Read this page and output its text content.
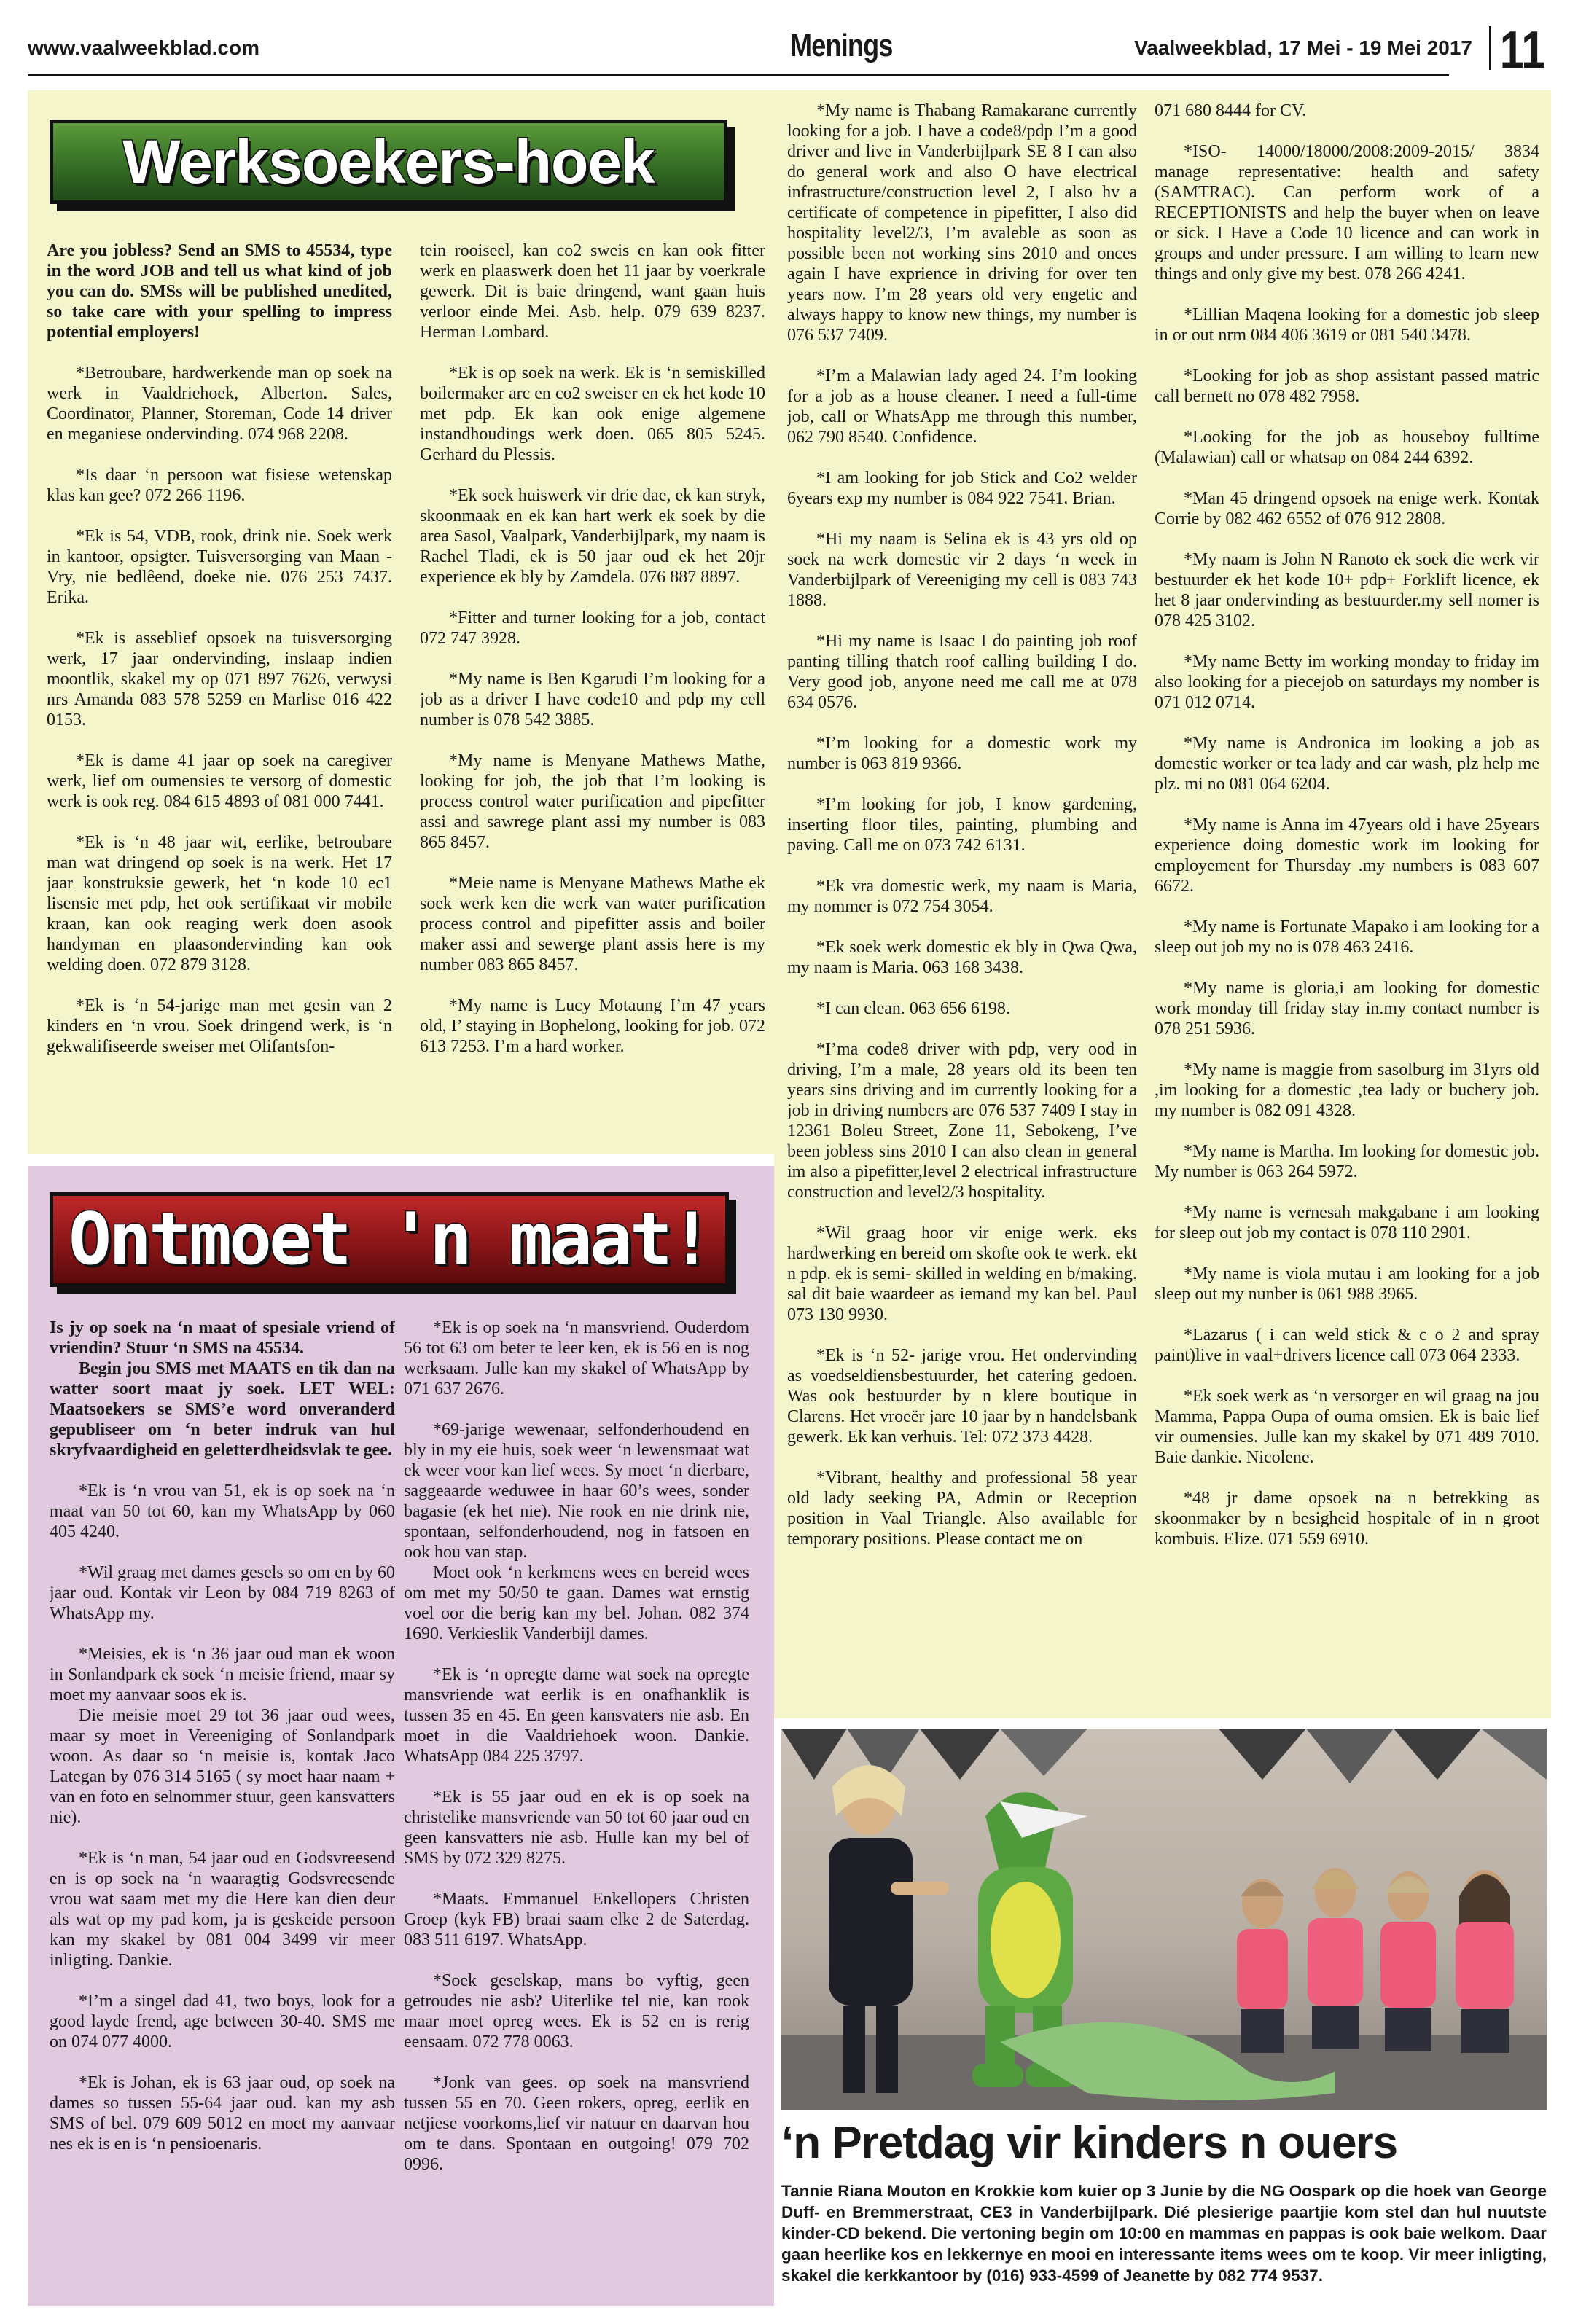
www.vaalweekblad.com	Menings	Vaalweekblad, 17 Mei - 19 Mei 2017 11
Werksoekers-hoek

Are you jobless? Send an SMS to 45534, type in the word JOB and tell us what kind of job you can do. SMSs will be published unedited, so take care with your spelling to impress potential employers!

*Betroubare, hardwerkende man op soek na werk in Vaaldriehoek, Alberton. Sales, Coordinator, Planner, Storeman, Code 14 driver en meganiese ondervinding. 074 968 2208.

*Is daar ‘n persoon wat fisiese wetenskap klas kan gee? 072 266 1196.

*Ek is 54, VDB, rook, drink nie. Soek werk in kantoor, opsigter. Tuisversorging van Maan - Vry, nie bedlêend, doeke nie. 076 253 7437. Erika.

*Ek is asseblief opsoek na tuisversorging werk, 17 jaar ondervinding, inslaap indien moontlik, skakel my op 071 897 7626, verwysi nrs Amanda 083 578 5259 en Marlise 016 422 0153.

*Ek is dame 41 jaar op soek na caregiver werk, lief om oumensies te versorg of domestic werk is ook reg. 084 615 4893 of 081 000 7441.

*Ek is ‘n 48 jaar wit, eerlike, betroubare man wat dringend op soek is na werk. Het 17 jaar konstruksie gewerk, het ‘n kode 10 ec1 lisensie met pdp, het ook sertifikaat vir mobile kraan, kan ook reaging werk doen asook handyman en plaasondervinding kan ook welding doen. 072 879 3128.

*Ek is ‘n 54-jarige man met gesin van 2 kinders en ‘n vrou. Soek dringend werk, is ‘n gekwalifiseerde sweiser met Olifantsfon-

tein rooiseel, kan co2 sweis en kan ook fitter werk en plaaswerk doen het 11 jaar by voerkrale gewerk. Dit is baie dringend, want gaan huis verloor einde Mei. Asb. help. 079 639 8237. Herman Lombard.

*Ek is op soek na werk. Ek is ‘n semiskilled boilermaker arc en co2 sweiser en ek het kode 10 met pdp. Ek kan ook enige algemene instandhoudings werk doen. 065 805 5245. Gerhard du Plessis.

*Ek soek huiswerk vir drie dae, ek kan stryk, skoonmaak en ek kan hart werk ek soek by die area Sasol, Vaalpark, Vanderbijlpark, my naam is Rachel Tladi, ek is 50 jaar oud ek het 20jr experience ek bly by Zamdela. 076 887 8897.

*Fitter and turner looking for a job, contact 072 747 3928.

*My name is Ben Kgarudi I’m looking for a job as a driver I have code10 and pdp my cell number is 078 542 3885.

*My name is Menyane Mathews Mathe, looking for job, the job that I’m looking is process control water purification and pipefitter assi and sawrege plant assi my number is 083 865 8457.

*Meie name is Menyane Mathews Mathe ek soek werk ken die werk van water purification process control and pipefitter assis and boiler maker assi and sewerge plant assis here is my number 083 865 8457.

*My name is Lucy Motaung I’m 47 years old, I’ staying in Bophelong, looking for job. 072 613 7253. I’m a hard worker.

*My name is Thabang Ramakarane currently looking for a job. I have a code8/pdp I’m a good driver and live in Vanderbijlpark SE 8 I can also do general work and also O have electrical infrastructure/construction level 2, I also hv a certificate of competence in pipefitter, I also did hospitality level2/3, I’m avaleble as soon as possible been not working sins 2010 and onces again I have exprience in driving for over ten years now. I’m 28 years old very engetic and always happy to know new things, my number is 076 537 7409.

*I’m a Malawian lady aged 24. I’m looking for a job as a house cleaner. I need a full-time job, call or WhatsApp me through this number, 062 790 8540. Confidence.

*I am looking for job Stick and Co2 welder 6years exp my number is 084 922 7541. Brian.

*Hi my naam is Selina ek is 43 yrs old op soek na werk domestic vir 2 days ‘n week in Vanderbijlpark of Vereeniging my cell is 083 743 1888.

*Hi my name is Isaac I do painting job roof panting tilling thatch roof calling building I do. Very good job, anyone need me call me at 078 634 0576.

*I’m looking for a domestic work my number is 063 819 9366.

*I’m looking for job, I know gardening, inserting floor tiles, painting, plumbing and paving. Call me on 073 742 6131.

*Ek vra domestic werk, my naam is Maria, my nommer is 072 754 3054.

*Ek soek werk domestic ek bly in Qwa Qwa, my naam is Maria. 063 168 3438.

*I can clean. 063 656 6198.

*I’ma code8 driver with pdp, very ood in driving, I’m a male, 28 years old its been ten years sins driving and im currently looking for a job in driving numbers are 076 537 7409 I stay in 12361 Boleu Street, Zone 11, Sebokeng, I’ve been jobless sins 2010 I can also clean in general im also a pipefitter,level 2 electrical infrastructure construction and level2/3 hospitality.

*Wil graag hoor vir enige werk. eks hardwerking en bereid om skofte ook te werk. ekt n pdp. ek is semi- skilled in welding en b/making. sal dit baie waardeer as iemand my kan bel. Paul 073 130 9930.

*Ek is ‘n 52- jarige vrou. Het ondervinding as voedseldiensbestuurder, het catering gedoen. Was ook bestuurder by n klere boutique in Clarens. Het vroeër jare 10 jaar by n handelsbank gewerk. Ek kan verhuis. Tel: 072 373 4428.

*Vibrant, healthy and professional 58 year old lady seeking PA, Admin or Reception position in Vaal Triangle. Also available for temporary positions. Please contact me on

071 680 8444 for CV.

*ISO- 14000/18000/2008:2009-2015/ 3834 manage representative: health and safety (SAMTRAC). Can perform work of a RECEPTIONISTS and help the buyer when on leave or sick. I Have a Code 10 licence and can work in groups and under pressure. I am willing to learn new things and only give my best. 078 266 4241.

*Lillian Maqena looking for a domestic job sleep in or out nrm 084 406 3619 or 081 540 3478.

*Looking for job as shop assistant passed matric call bernett no 078 482 7958.

*Looking for the job as houseboy fulltime (Malawian) call or whatsap on 084 244 6392.

*Man 45 dringend opsoek na enige werk. Kontak Corrie by 082 462 6552 of 076 912 2808.

*My naam is John N Ranoto ek soek die werk vir bestuurder ek het kode 10+ pdp+ Forklift licence, ek het 8 jaar ondervinding as bestuurder.my sell nomer is 078 425 3102.

*My name Betty im working monday to friday im also looking for a piecejob on saturdays my nomber is 071 012 0714.

*My name is Andronica im looking a job as domestic worker or tea lady and car wash, plz help me plz. mi no 081 064 6204.

*My name is Anna im 47years old i have 25years experience doing domestic work im looking for employement for Thursday .my numbers is 083 607 6672.

*My name is Fortunate Mapako i am looking for a sleep out job my no is 078 463 2416.

*My name is gloria,i am looking for domestic work monday till friday stay in.my contact number is 078 251 5936.

*My name is maggie from sasolburg im 31yrs old ,im looking for a domestic ,tea lady or buchery job. my number is 082 091 4328.

*My name is Martha. Im looking for domestic job. My number is 063 264 5972.

*My name is vernesah makgabane i am looking for sleep out job my contact is 078 110 2901.

*My name is viola mutau i am looking for a job sleep out my nunber is 061 988 3965.

*Lazarus ( i can weld stick & c o 2 and spray paint)live in vaal+drivers licence call 073 064 2333.

*Ek soek werk as ‘n versorger en wil graag na jou Mamma, Pappa Oupa of ouma omsien. Ek is baie lief vir oumensies. Julle kan my skakel by 071 489 7010. Baie dankie. Nicolene.

*48 jr dame opsoek na n betrekking as skoonmaker by n besigheid hospitale of in n groot kombuis. Elize. 071 559 6910.

Ontmoet 'n maat!

Is jy op soek na ‘n maat of spesiale vriend of vriendin? Stuur ‘n SMS na 45534.

Begin jou SMS met MAATS en tik dan na watter soort maat jy soek. LET WEL: Maatsoekers se SMS’e word onveranderd gepubliseer om ‘n beter indruk van hul skryfvaardigheid en geletterdheidsvlak te gee.

*Ek is ‘n vrou van 51, ek is op soek na ‘n maat van 50 tot 60, kan my WhatsApp by 060 405 4240.

*Wil graag met dames gesels so om en by 60 jaar oud. Kontak vir Leon by 084 719 8263 of WhatsApp my.

*Meisies, ek is ‘n 36 jaar oud man ek woon in Sonlandpark ek soek ‘n meisie friend, maar sy moet my aanvaar soos ek is.

Die meisie moet 29 tot 36 jaar oud wees, maar sy moet in Vereeniging of Sonlandpark woon. As daar so ‘n meisie is, kontak Jaco Lategan by 076 314 5165 ( sy moet haar naam + van en foto en selnommer stuur, geen kansvatters nie).

*Ek is ‘n man, 54 jaar oud en Godsvreesend en is op soek na ‘n waaragtig Godsvreesende vrou wat saam met my die Here kan dien deur als wat op my pad kom, ja is geskeide persoon kan my skakel by 081 004 3499 vir meer inligting. Dankie.

*I’m a singel dad 41, two boys, look for a good layde frend, age between 30-40. SMS me on 074 077 4000.

*Ek is Johan, ek is 63 jaar oud, op soek na dames so tussen 55-64 jaar oud. kan my asb SMS of bel. 079 609 5012 en moet my aanvaar nes ek is en is ‘n pensioenaris.

*Ek is op soek na ‘n mansvriend. Ouderdom 56 tot 63 om beter te leer ken, ek is 56 en is nog werksaam. Julle kan my skakel of WhatsApp by 071 637 2676.

*69-jarige wewenaar, selfonderhoudend en bly in my eie huis, soek weer ‘n lewensmaat wat ek weer voor kan lief wees. Sy moet ‘n dierbare, saggeaarde weduwee in haar 60’s wees, sonder bagasie (ek het nie). Nie rook en nie drink nie, spontaan, selfonderhoudend, nog in fatsoen en ook hou van stap.

Moet ook ‘n kerkmens wees en bereid wees om met my 50/50 te gaan. Dames wat ernstig voel oor die berig kan my bel. Johan. 082 374 1690. Verkieslik Vanderbijl dames.

*Ek is ‘n opregte dame wat soek na opregte mansvriende wat eerlik is en onafhanklik is tussen 35 en 45. En geen kansvaters nie asb. En moet in die Vaaldriehoek woon. Dankie. WhatsApp 084 225 3797.

*Ek is 55 jaar oud en ek is op soek na christelike mansvriende van 50 tot 60 jaar oud en geen kansvatters nie asb. Hulle kan my bel of SMS by 072 329 8275.

*Maats. Emmanuel Enkellopers Christen Groep (kyk FB) braai saam elke 2 de Saterdag. 083 511 6197. WhatsApp.

*Soek geselskap, mans bo vyftig, geen getroudes nie asb? Uiterlike tel nie, kan rook maar moet opreg wees. Ek is 52 en is rerig eensaam. 072 778 0063.

*Jonk van gees. op soek na mansvriend tussen 55 en 70. Geen rokers, opreg, eerlik en netjiese voorkoms,lief vir natuur en daarvan hou om te dans. Spontaan en outgoing! 079 702 0996.	‘n Pretdag vir kinders n ouers
Tannie Riana Mouton en Krokkie kom kuier op 3 Junie by die NG Oospark op die hoek van George Duff- en Bremmerstraat, CE3 in Vanderbijlpark. Dié plesierige paartjie kom stel dan hul nuutste kinder-CD bekend. Die vertoning begin om 10:00 en mammas en pappas is ook baie welkom. Daar gaan heerlike kos en lekkernye en mooi en interessante items wees om te koop. Vir meer inligting, skakel die kerkkantoor by (016) 933-4599 of Jeanette by 082 774 9537.
